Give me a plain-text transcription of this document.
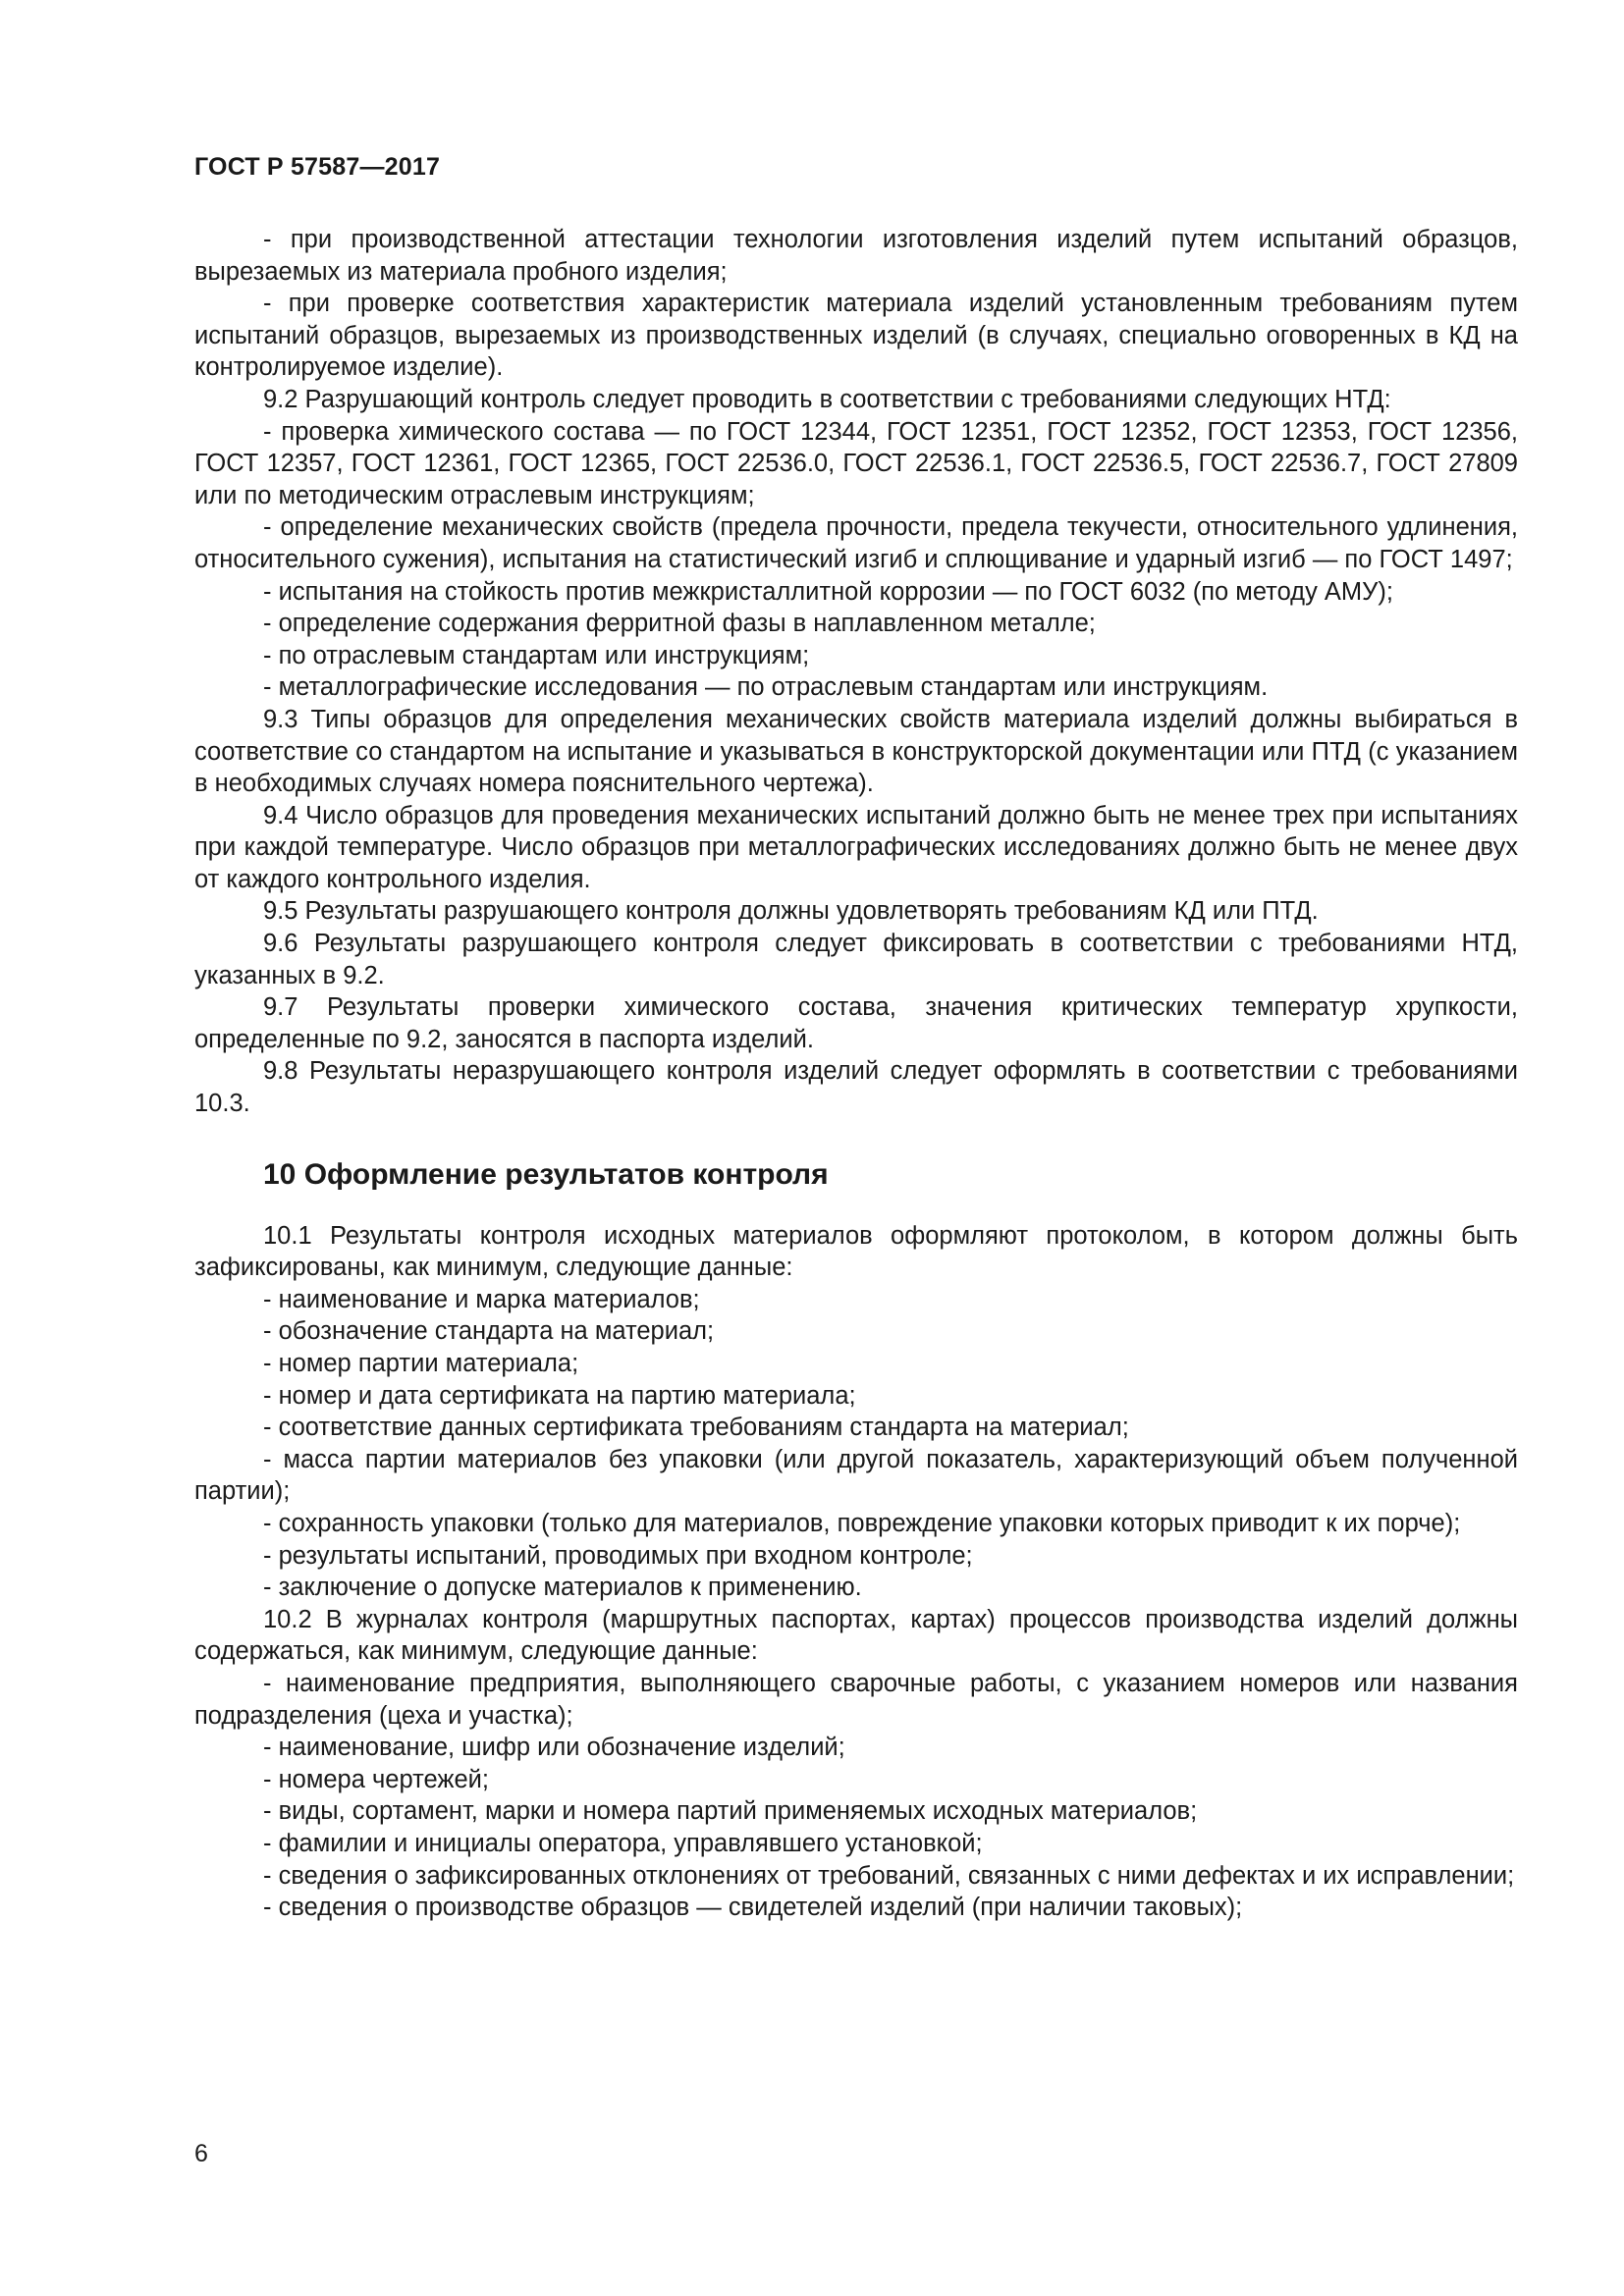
ГОСТ Р 57587—2017

- при производственной аттестации технологии изготовления изделий путем испытаний образцов, вырезаемых из материала пробного изделия;

- при проверке соответствия характеристик материала изделий установленным требованиям путем испытаний образцов, вырезаемых из производственных изделий (в случаях, специально оговоренных в КД на контролируемое изделие).

9.2 Разрушающий контроль следует проводить в соответствии с требованиями следующих НТД:

- проверка химического состава — по ГОСТ 12344, ГОСТ 12351, ГОСТ 12352, ГОСТ 12353, ГОСТ 12356, ГОСТ 12357, ГОСТ 12361, ГОСТ 12365, ГОСТ 22536.0, ГОСТ 22536.1, ГОСТ 22536.5, ГОСТ 22536.7, ГОСТ 27809 или по методическим отраслевым инструкциям;

- определение механических свойств (предела прочности, предела текучести, относительного удлинения, относительного сужения), испытания на статистический изгиб и сплющивание и ударный изгиб — по ГОСТ 1497;

- испытания на стойкость против межкристаллитной коррозии — по ГОСТ 6032 (по методу АМУ);

- определение содержания ферритной фазы в наплавленном металле;

- по отраслевым стандартам или инструкциям;

- металлографические исследования — по отраслевым стандартам или инструкциям.

9.3 Типы образцов для определения механических свойств материала изделий должны выбираться в соответствие со стандартом на испытание и указываться в конструкторской документации или ПТД (с указанием в необходимых случаях номера пояснительного чертежа).

9.4 Число образцов для проведения механических испытаний должно быть не менее трех при испытаниях при каждой температуре. Число образцов при металлографических исследованиях должно быть не менее двух от каждого контрольного изделия.

9.5 Результаты разрушающего контроля должны удовлетворять требованиям КД или ПТД.

9.6 Результаты разрушающего контроля следует фиксировать в соответствии с требованиями НТД, указанных в 9.2.

9.7 Результаты проверки химического состава, значения критических температур хрупкости, определенные по 9.2, заносятся в паспорта изделий.

9.8 Результаты неразрушающего контроля изделий следует оформлять в соответствии с требованиями 10.3.

10 Оформление результатов контроля

10.1 Результаты контроля исходных материалов оформляют протоколом, в котором должны быть зафиксированы, как минимум, следующие данные:

- наименование и марка материалов;

- обозначение стандарта на материал;

- номер партии материала;

- номер и дата сертификата на партию материала;

- соответствие данных сертификата требованиям стандарта на материал;

- масса партии материалов без упаковки (или другой показатель, характеризующий объем полученной партии);

- сохранность упаковки (только для материалов, повреждение упаковки которых приводит к их порче);

- результаты испытаний, проводимых при входном контроле;

- заключение о допуске материалов к применению.

10.2 В журналах контроля (маршрутных паспортах, картах) процессов производства изделий должны содержаться, как минимум, следующие данные:

- наименование предприятия, выполняющего сварочные работы, с указанием номеров или названия подразделения (цеха и участка);

- наименование, шифр или обозначение изделий;

- номера чертежей;

- виды, сортамент, марки и номера партий применяемых исходных материалов;

- фамилии и инициалы оператора, управлявшего установкой;

- сведения о зафиксированных отклонениях от требований, связанных с ними дефектах и их исправлении;

- сведения о производстве образцов — свидетелей изделий (при наличии таковых);

6
